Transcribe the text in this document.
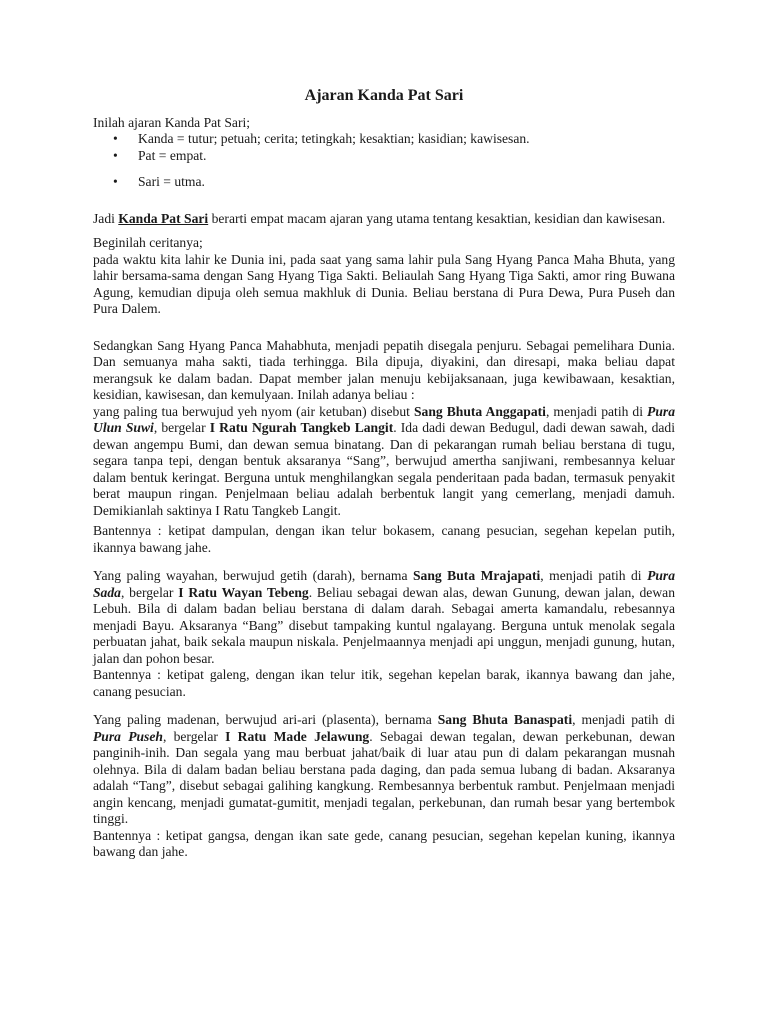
Ajaran Kanda Pat Sari

Inilah ajaran Kanda Pat Sari;

• Kanda = tutur; petuah; cerita; tetingkah; kesaktian; kasidian; kawisesan.
• Pat = empat.
• Sari = utma.

Jadi Kanda Pat Sari berarti empat macam ajaran yang utama tentang kesaktian, kesidian dan kawisesan.

Beginilah ceritanya;

pada waktu kita lahir ke Dunia ini, pada saat yang sama lahir pula Sang Hyang Panca Maha Bhuta, yang lahir bersama-sama dengan Sang Hyang Tiga Sakti. Beliaulah Sang Hyang Tiga Sakti, amor ring Buwana Agung, kemudian dipuja oleh semua makhluk di Dunia. Beliau berstana di Pura Dewa, Pura Puseh dan Pura Dalem.

Sedangkan Sang Hyang Panca Mahabhuta, menjadi pepatih disegala penjuru. Sebagai pemelihara Dunia. Dan semuanya maha sakti, tiada terhingga. Bila dipuja, diyakini, dan diresapi, maka beliau dapat merangsuk ke dalam badan. Dapat member jalan menuju kebijaksanaan, juga kewibawaan, kesaktian, kesidian, kawisesan, dan kemulyaan. Inilah adanya beliau :

yang paling tua berwujud yeh nyom (air ketuban) disebut Sang Bhuta Anggapati, menjadi patih di Pura Ulun Suwi, bergelar I Ratu Ngurah Tangkeb Langit. Ida dadi dewan Bedugul, dadi dewan sawah, dadi dewan angempu Bumi, dan dewan semua binatang. Dan di pekarangan rumah beliau berstana di tugu, segara tanpa tepi, dengan bentuk aksaranya “Sang”, berwujud amertha sanjiwani, rembesannya keluar dalam bentuk keringat. Berguna untuk menghilangkan segala penderitaan pada badan, termasuk penyakit berat maupun ringan. Penjelmaan beliau adalah berbentuk langit yang cemerlang, menjadi damuh. Demikianlah saktinya I Ratu Tangkeb Langit.

Bantennya : ketipat dampulan, dengan ikan telur bokasem, canang pesucian, segehan kepelan putih, ikannya bawang jahe.

Yang paling wayahan, berwujud getih (darah), bernama Sang Buta Mrajapati, menjadi patih di Pura Sada, bergelar I Ratu Wayan Tebeng. Beliau sebagai dewan alas, dewan Gunung, dewan jalan, dewan Lebuh. Bila di dalam badan beliau berstana di dalam darah. Sebagai amerta kamandalu, rebesannya menjadi Bayu. Aksaranya “Bang” disebut tampaking kuntul ngalayang. Berguna untuk menolak segala perbuatan jahat, baik sekala maupun niskala. Penjelmaannya menjadi api unggun, menjadi gunung, hutan, jalan dan pohon besar.

Bantennya : ketipat galeng, dengan ikan telur itik, segehan kepelan barak, ikannya bawang dan jahe, canang pesucian.

Yang paling madenan, berwujud ari-ari (plasenta), bernama Sang Bhuta Banaspati, menjadi patih di Pura Puseh, bergelar I Ratu Made Jelawung. Sebagai dewan tegalan, dewan perkebunan, dewan panginih-inih. Dan segala yang mau berbuat jahat/baik di luar atau pun di dalam pekarangan musnah olehnya. Bila di dalam badan beliau berstana pada daging, dan pada semua lubang di badan. Aksaranya adalah “Tang”, disebut sebagai galihing kangkung. Rembesannya berbentuk rambut. Penjelmaan menjadi angin kencang, menjadi gumatat-gumitit, menjadi tegalan, perkebunan, dan rumah besar yang bertembok tinggi.

Bantennya : ketipat gangsa, dengan ikan sate gede, canang pesucian, segehan kepelan kuning, ikannya bawang dan jahe.
